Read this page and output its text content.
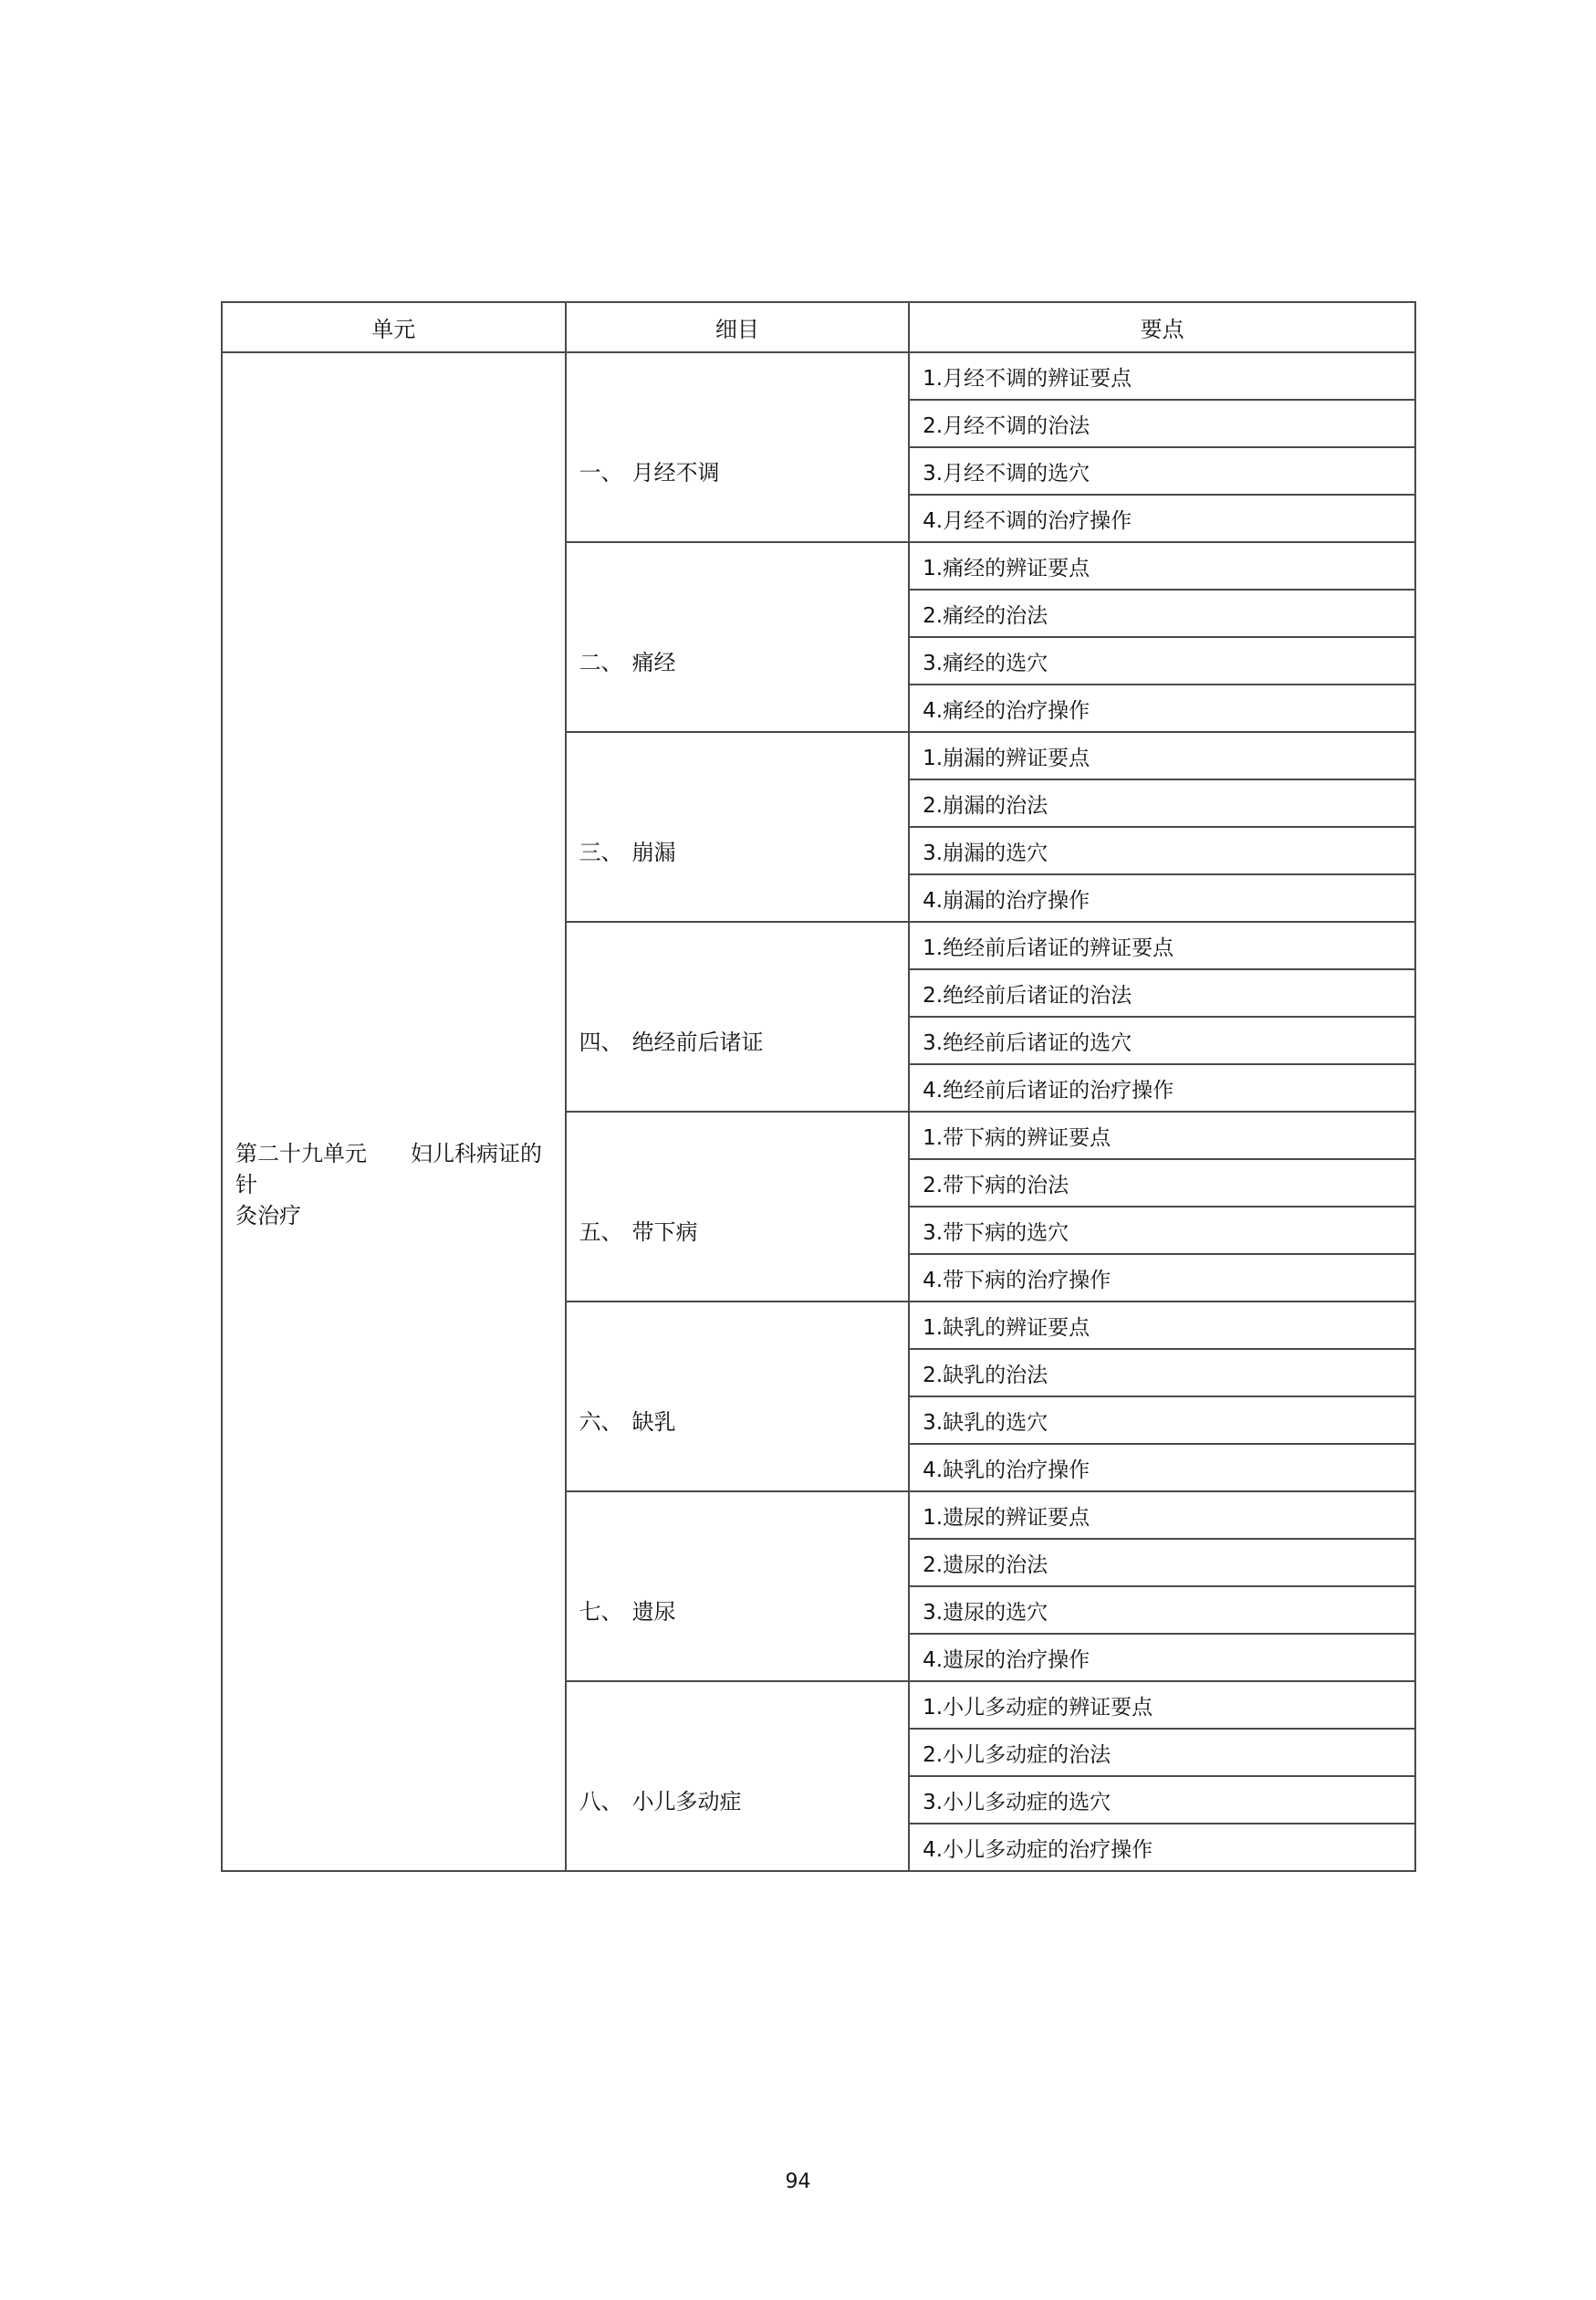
单元	细目	要点

第二十九单元　　妇儿科病证的
针
灸治疗	一、 月经不调	1.月经不调的辨证要点
		2.月经不调的治法
		3.月经不调的选穴
		4.月经不调的治疗操作

	二、 痛经	1.痛经的辨证要点
		2.痛经的治法
		3.痛经的选穴
		4.痛经的治疗操作

	三、 崩漏	1.崩漏的辨证要点
		2.崩漏的治法
		3.崩漏的选穴
		4.崩漏的治疗操作

	四、 绝经前后诸证	1.绝经前后诸证的辨证要点
		2.绝经前后诸证的治法
		3.绝经前后诸证的选穴
		4.绝经前后诸证的治疗操作

	五、 带下病	1.带下病的辨证要点
		2.带下病的治法
		3.带下病的选穴
		4.带下病的治疗操作

	六、 缺乳	1.缺乳的辨证要点
		2.缺乳的治法
		3.缺乳的选穴
		4.缺乳的治疗操作

	七、 遗尿	1.遗尿的辨证要点
		2.遗尿的治法
		3.遗尿的选穴
		4.遗尿的治疗操作

	八、 小儿多动症	1.小儿多动症的辨证要点
		2.小儿多动症的治法
		3.小儿多动症的选穴
		4.小儿多动症的治疗操作
94
